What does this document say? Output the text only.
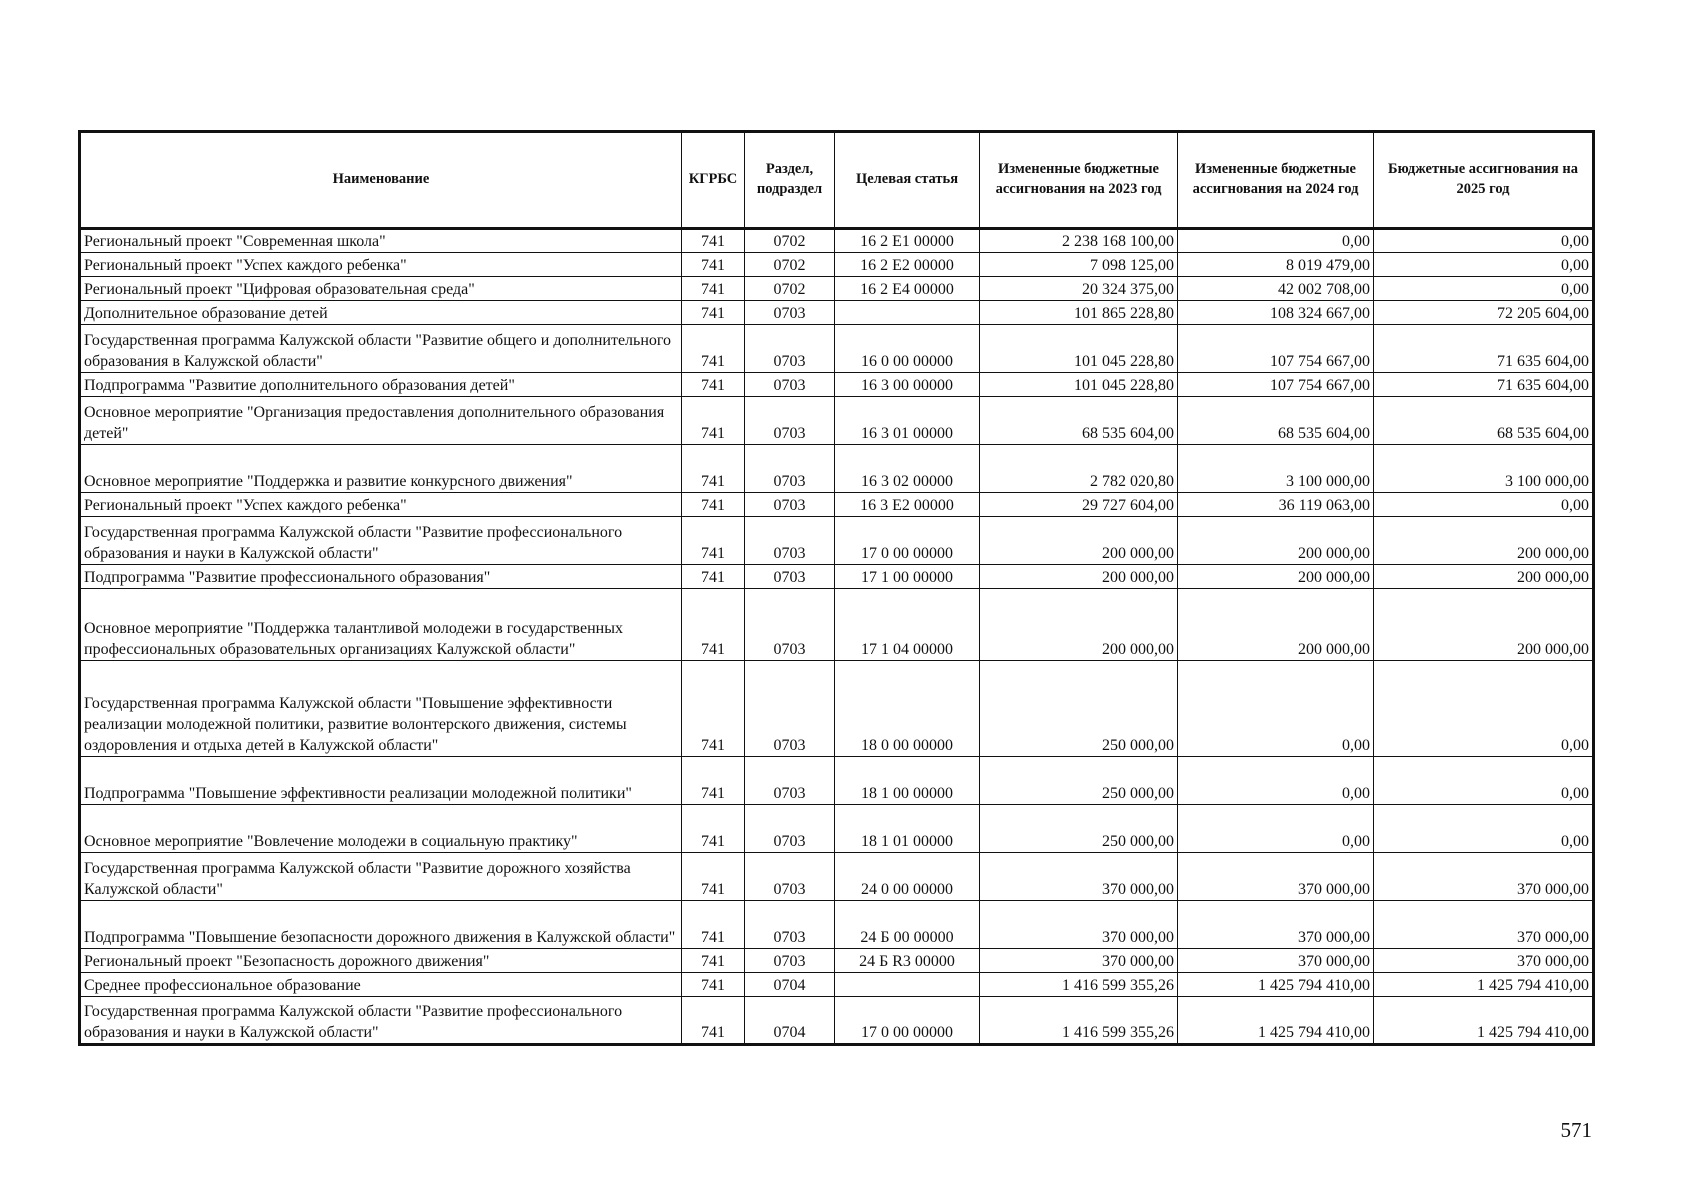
Наименование	КГРБС	Раздел, подраздел	Целевая статья	Измененные бюджетные ассигнования на 2023 год	Измененные бюджетные ассигнования на 2024 год	Бюджетные ассигнования на 2025 год
Региональный проект "Современная школа"	741	0702	16 2 E1 00000	2 238 168 100,00	0,00	0,00
Региональный проект "Успех каждого ребенка"	741	0702	16 2 E2 00000	7 098 125,00	8 019 479,00	0,00
Региональный проект "Цифровая образовательная среда"	741	0702	16 2 E4 00000	20 324 375,00	42 002 708,00	0,00
Дополнительное образование детей	741	0703		101 865 228,80	108 324 667,00	72 205 604,00
Государственная программа Калужской области "Развитие общего и дополнительного образования в Калужской области"	741	0703	16 0 00 00000	101 045 228,80	107 754 667,00	71 635 604,00
Подпрограмма "Развитие дополнительного образования детей"	741	0703	16 3 00 00000	101 045 228,80	107 754 667,00	71 635 604,00
Основное мероприятие "Организация предоставления дополнительного образования детей"	741	0703	16 3 01 00000	68 535 604,00	68 535 604,00	68 535 604,00
Основное мероприятие "Поддержка и развитие конкурсного движения"	741	0703	16 3 02 00000	2 782 020,80	3 100 000,00	3 100 000,00
Региональный проект "Успех каждого ребенка"	741	0703	16 3 E2 00000	29 727 604,00	36 119 063,00	0,00
Государственная программа Калужской области "Развитие профессионального образования и науки в Калужской области"	741	0703	17 0 00 00000	200 000,00	200 000,00	200 000,00
Подпрограмма "Развитие профессионального образования"	741	0703	17 1 00 00000	200 000,00	200 000,00	200 000,00
Основное мероприятие "Поддержка талантливой молодежи в государственных профессиональных образовательных организациях Калужской области"	741	0703	17 1 04 00000	200 000,00	200 000,00	200 000,00
Государственная программа Калужской области "Повышение эффективности реализации молодежной политики, развитие волонтерского движения, системы оздоровления и отдыха детей в Калужской области"	741	0703	18 0 00 00000	250 000,00	0,00	0,00
Подпрограмма "Повышение эффективности реализации молодежной политики"	741	0703	18 1 00 00000	250 000,00	0,00	0,00
Основное мероприятие "Вовлечение молодежи в социальную практику"	741	0703	18 1 01 00000	250 000,00	0,00	0,00
Государственная программа Калужской области "Развитие дорожного хозяйства Калужской области"	741	0703	24 0 00 00000	370 000,00	370 000,00	370 000,00
Подпрограмма "Повышение безопасности дорожного движения в Калужской области"	741	0703	24 Б 00 00000	370 000,00	370 000,00	370 000,00
Региональный проект "Безопасность дорожного движения"	741	0703	24 Б R3 00000	370 000,00	370 000,00	370 000,00
Среднее профессиональное образование	741	0704		1 416 599 355,26	1 425 794 410,00	1 425 794 410,00
Государственная программа Калужской области "Развитие профессионального образования и науки в Калужской области"	741	0704	17 0 00 00000	1 416 599 355,26	1 425 794 410,00	1 425 794 410,00
571
